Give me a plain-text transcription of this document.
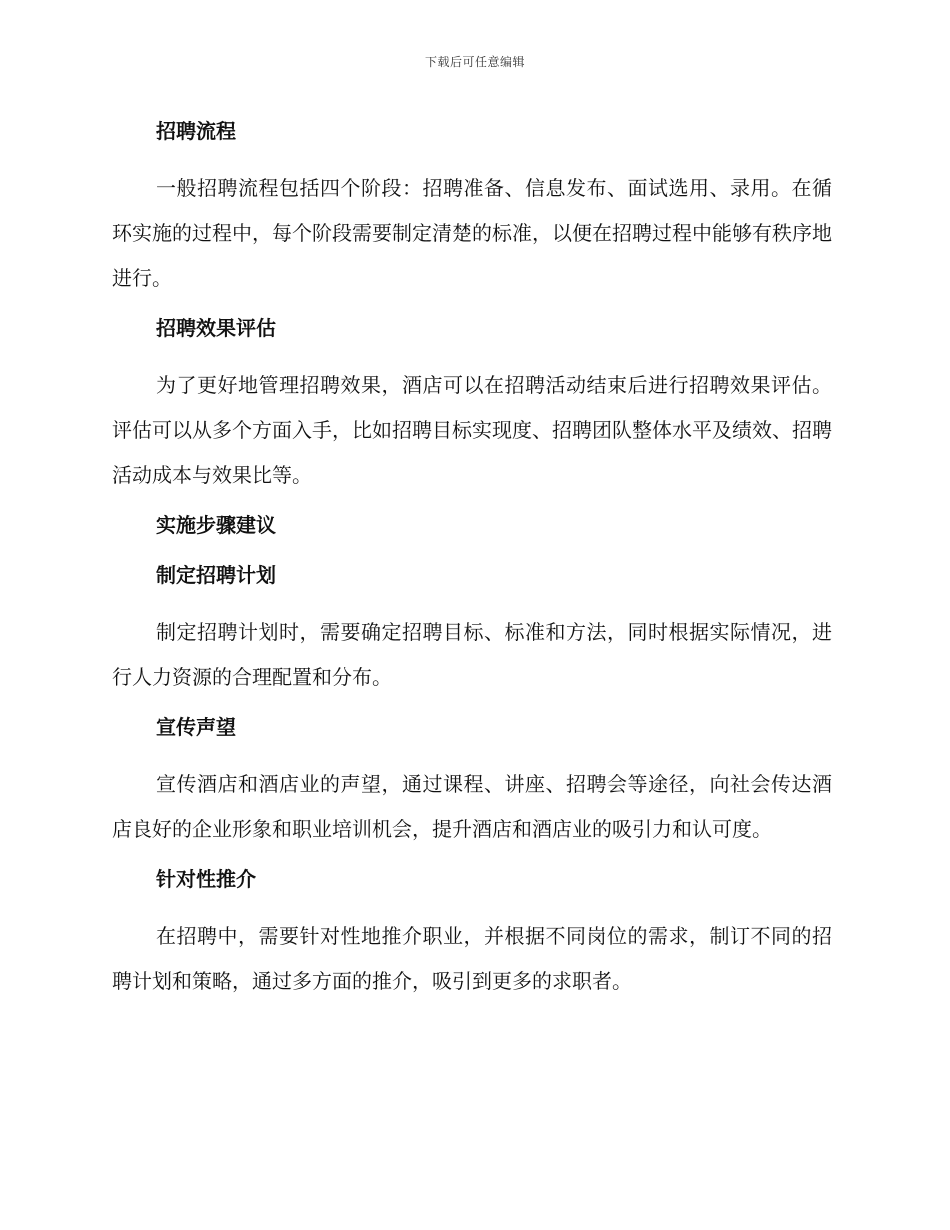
下载后可任意编辑
招聘流程

一般招聘流程包括四个阶段：招聘准备、信息发布、面试选用、录用。在循环实施的过程中，每个阶段需要制定清楚的标准，以便在招聘过程中能够有秩序地进行。

招聘效果评估

为了更好地管理招聘效果，酒店可以在招聘活动结束后进行招聘效果评估。评估可以从多个方面入手，比如招聘目标实现度、招聘团队整体水平及绩效、招聘活动成本与效果比等。

实施步骤建议
制定招聘计划

制定招聘计划时，需要确定招聘目标、标准和方法，同时根据实际情况，进行人力资源的合理配置和分布。

宣传声望

宣传酒店和酒店业的声望，通过课程、讲座、招聘会等途径，向社会传达酒店良好的企业形象和职业培训机会，提升酒店和酒店业的吸引力和认可度。

针对性推介

在招聘中，需要针对性地推介职业，并根据不同岗位的需求，制订不同的招聘计划和策略，通过多方面的推介，吸引到更多的求职者。
